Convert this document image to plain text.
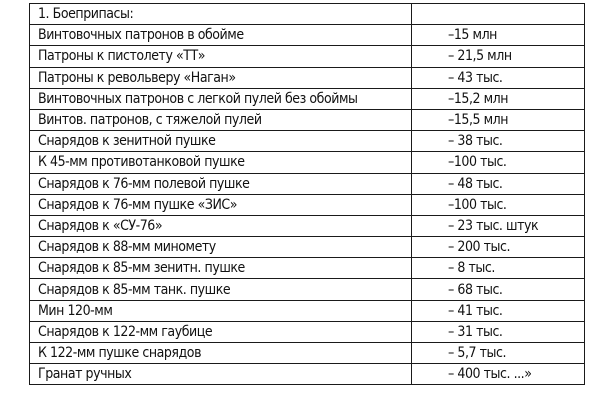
1. Боеприпасы:	
Винтовочных патронов в обойме	–15 млн
Патроны к пистолету «ТТ»	– 21,5 млн
Патроны к револьверу «Наган»	– 43 тыс.
Винтовочных патронов с легкой пулей без обоймы	–15,2 млн
Винтов. патронов, с тяжелой пулей	–15,5 млн
Снарядов к зенитной пушке	– 38 тыс.
К 45-мм противотанковой пушке	–100 тыс.
Снарядов к 76-мм полевой пушке	– 48 тыс.
Снарядов к 76-мм пушке «ЗИС»	–100 тыс.
Снарядов к «СУ-76»	– 23 тыс. штук
Снарядов к 88-мм минометy	– 200 тыс.
Снарядов к 85-мм зенитн. пушке	– 8 тыс.
Снарядов к 85-мм танк. пушке	– 68 тыс.
Мин 120-мм	– 41 тыс.
Снарядов к 122-мм гаубице	– 31 тыс.
К 122-мм пушке снарядов	– 5,7 тыс.
Гранат ручных	– 400 тыс. ...»
